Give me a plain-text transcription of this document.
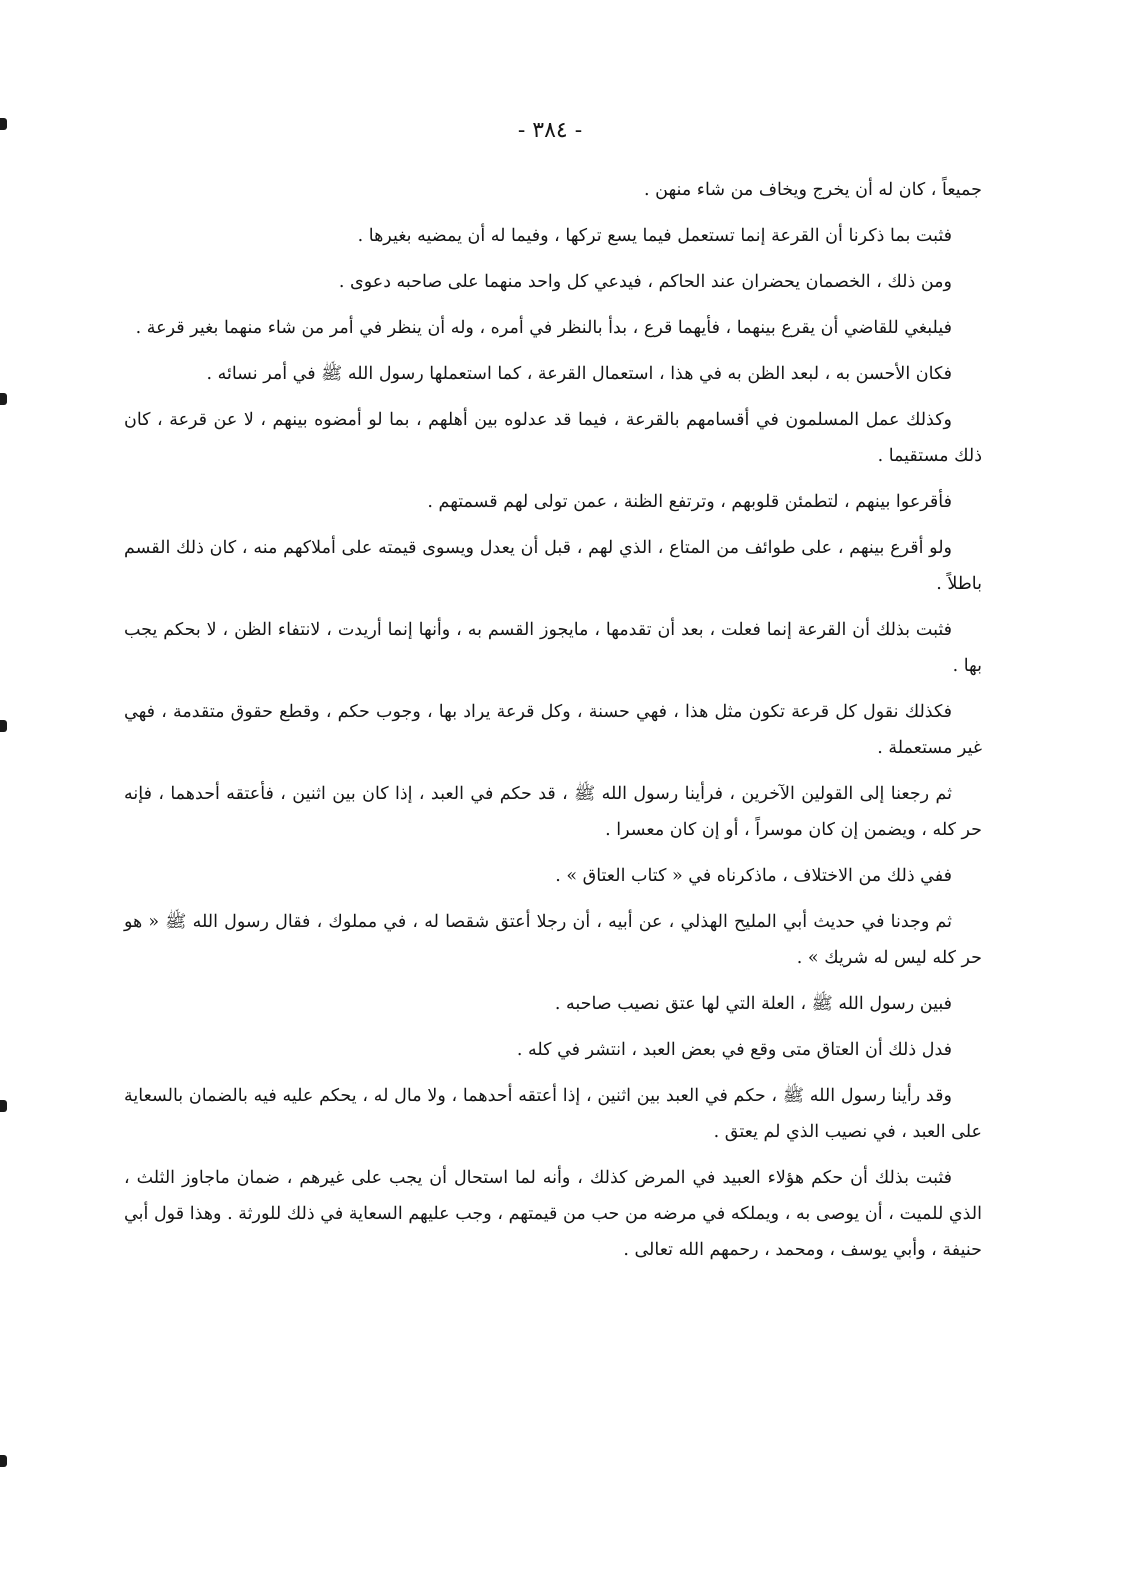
- ٣٨٤ -

جميعاً ، كان له أن يخرج ويخاف من شاء منهن .

فثبت بما ذكرنا أن القرعة إنما تستعمل فيما يسع تركها ، وفيما له أن يمضيه بغيرها .

ومن ذلك ، الخصمان يحضران عند الحاكم ، فيدعي كل واحد منهما على صاحبه دعوى .

فيلبغي للقاضي أن يقرع بينهما ، فأيهما قرع ، بدأ بالنظر في أمره ، وله أن ينظر في أمر من شاء منهما بغير قرعة .

فكان الأحسن به ، لبعد الظن به في هذا ، استعمال القرعة ، كما استعملها رسول الله ﷺ في أمر نسائه .

وكذلك عمل المسلمون في أقسامهم بالقرعة ، فيما قد عدلوه بين أهلهم ، بما لو أمضوه بينهم ، لا عن قرعة ، كان ذلك مستقيما .

فأقرعوا بينهم ، لتطمئن قلوبهم ، وترتفع الظنة ، عمن تولى لهم قسمتهم .

ولو أقرع بينهم ، على طوائف من المتاع ، الذي لهم ، قبل أن يعدل ويسوى قيمته على أملاكهم منه ، كان ذلك القسم باطلاً .

فثبت بذلك أن القرعة إنما فعلت ، بعد أن تقدمها ، مايجوز القسم به ، وأنها إنما أريدت ، لانتفاء الظن ، لا بحكم يجب بها .

فكذلك نقول كل قرعة تكون مثل هذا ، فهي حسنة ، وكل قرعة يراد بها ، وجوب حكم ، وقطع حقوق متقدمة ، فهي غير مستعملة .

ثم رجعنا إلى القولين الآخرين ، فرأينا رسول الله ﷺ ، قد حكم في العبد ، إذا كان بين اثنين ، فأعتقه أحدهما ، فإنه حر كله ، ويضمن إن كان موسراً ، أو إن كان معسرا .

ففي ذلك من الاختلاف ، ماذكرناه في « كتاب العتاق » .

ثم وجدنا في حديث أبي المليح الهذلي ، عن أبيه ، أن رجلا أعتق شقصا له ، في مملوك ، فقال رسول الله ﷺ « هو حر كله ليس له شريك » .

فبين رسول الله ﷺ ، العلة التي لها عتق نصيب صاحبه .

فدل ذلك أن العتاق متى وقع في بعض العبد ، انتشر في كله .

وقد رأينا رسول الله ﷺ ، حكم في العبد بين اثنين ، إذا أعتقه أحدهما ، ولا مال له ، يحكم عليه فيه بالضمان بالسعاية على العبد ، في نصيب الذي لم يعتق .

فثبت بذلك أن حكم هؤلاء العبيد في المرض كذلك ، وأنه لما استحال أن يجب على غيرهم ، ضمان ماجاوز الثلث ، الذي للميت ، أن يوصى به ، ويملكه في مرضه من حب من قيمتهم ، وجب عليهم السعاية في ذلك للورثة . وهذا قول أبي حنيفة ، وأبي يوسف ، ومحمد ، رحمهم الله تعالى .
